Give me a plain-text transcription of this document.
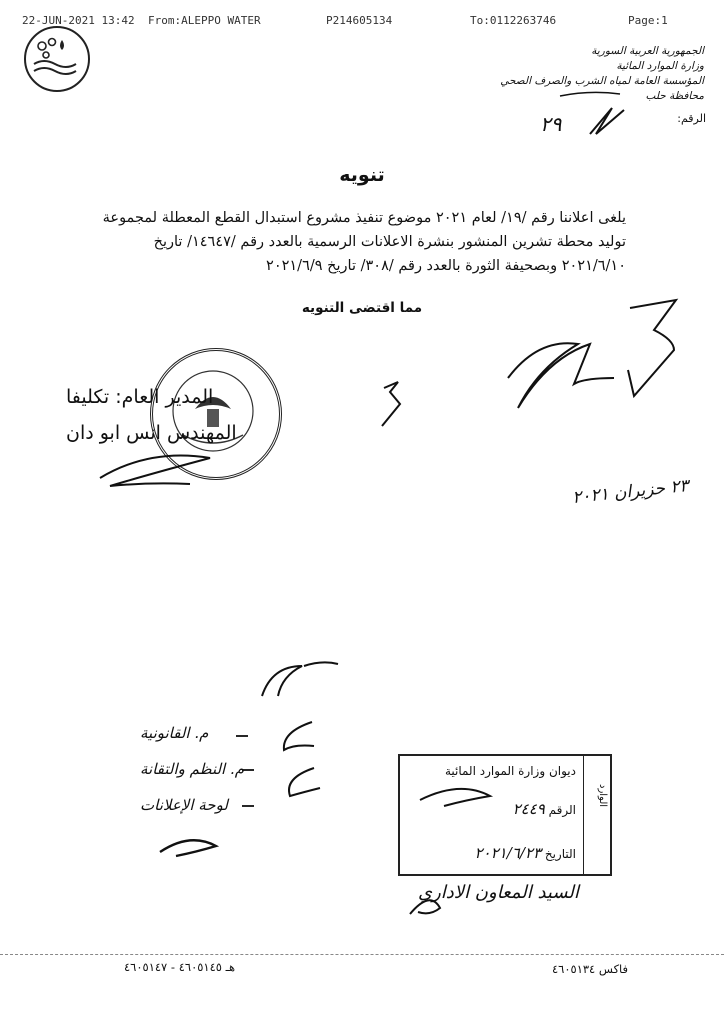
22-JUN-2021 13:42 From:ALEPPO WATER	P214605134	To:0112263746	Page:1
الجمهورية العربية السورية
وزارة الموارد المائية
المؤسسة العامة لمياه الشرب والصرف الصحي
محافظة حلب
الرقم:
٢٩
تنويه

يلغى اعلاننا رقم /١٩/ لعام ٢٠٢١ موضوع تنفيذ مشروع استبدال القطع المعطلة لمجموعة

توليد محطة تشرين المنشور بنشرة الاعلانات الرسمية بالعدد رقم /١٤٦٤٧/ تاريخ

٢٠٢١/٦/١٠ وبصحيفة الثورة بالعدد رقم /٣٠٨/ تاريخ ٢٠٢١/٦/٩

مما اقتضى التنويه
المدير العام: تكليفا
المهندس انس ابو دان
٢٣ حزيران ٢٠٢١
م. القانونية
م. النظم والتقانة
لوحة الإعلانات
ديوان وزارة الموارد المائية
الرقم ٢٤٤٩
التاريخ ٢٠٢١/٦/٢٣
الوارد
السيد المعاون الاداري
هـ ٤٦٠٥١٤٥ - ٤٦٠٥١٤٧	فاكس ٤٦٠٥١٣٤
